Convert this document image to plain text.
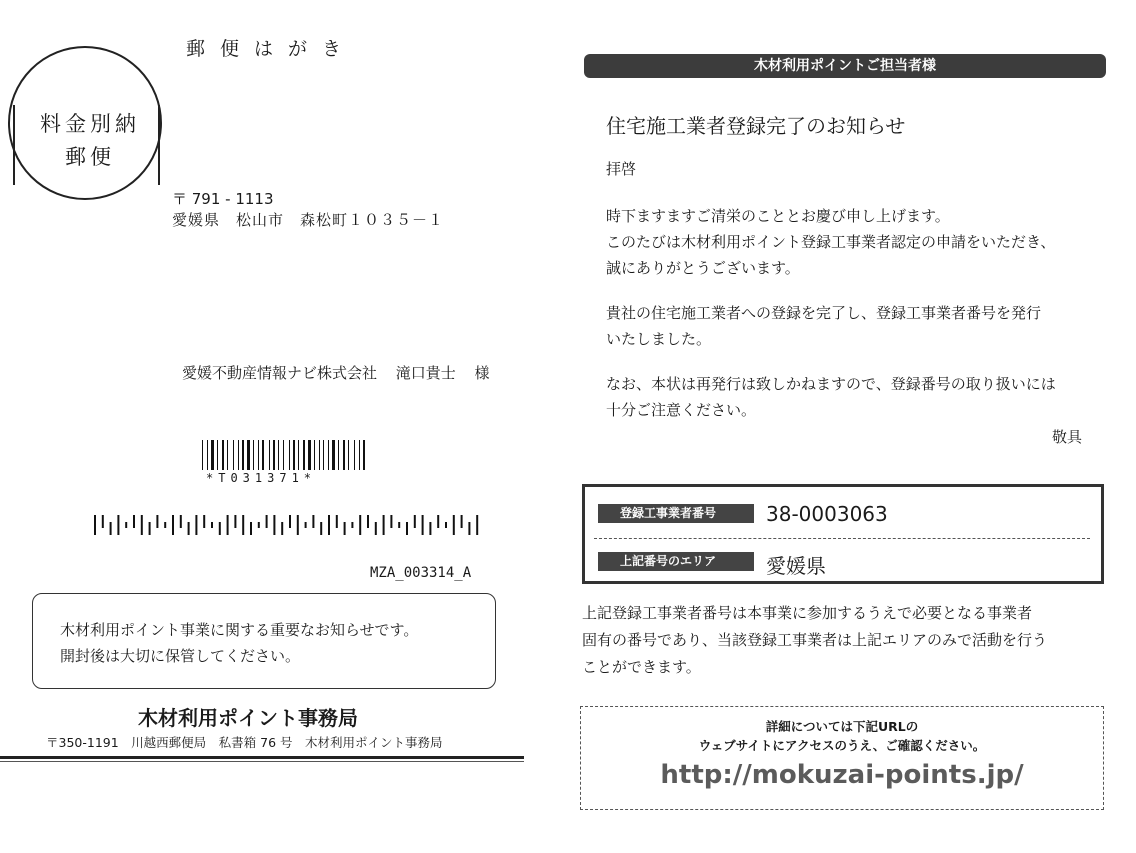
郵便はがき
料金別納
郵便
〒 791 - 1113
愛媛県　松山市　森松町１０３５－１
愛媛不動産情報ナビ株式会社 滝口貴士 様
*T031371*
MZA_003314_A
木材利用ポイント事業に関する重要なお知らせです。
開封後は大切に保管してください。
木材利用ポイント事務局
〒350-1191　川越西郵便局　私書箱 76 号　木材利用ポイント事務局
木材利用ポイントご担当者様
住宅施工業者登録完了のお知らせ
拝啓
時下ますますご清栄のこととお慶び申し上げます。
このたびは木材利用ポイント登録工事業者認定の申請をいただき、
誠にありがとうございます。
貴社の住宅施工業者への登録を完了し、登録工事業者番号を発行
いたしました。
なお、本状は再発行は致しかねますので、登録番号の取り扱いには
十分ご注意ください。
敬具
登録工事業者番号	38-0003063
上記番号のエリア	愛媛県
上記登録工事業者番号は本事業に参加するうえで必要となる事業者
固有の番号であり、当該登録工事業者は上記エリアのみで活動を行う
ことができます。
詳細については下記URLの
ウェブサイトにアクセスのうえ、ご確認ください。
http://mokuzai-points.jp/
